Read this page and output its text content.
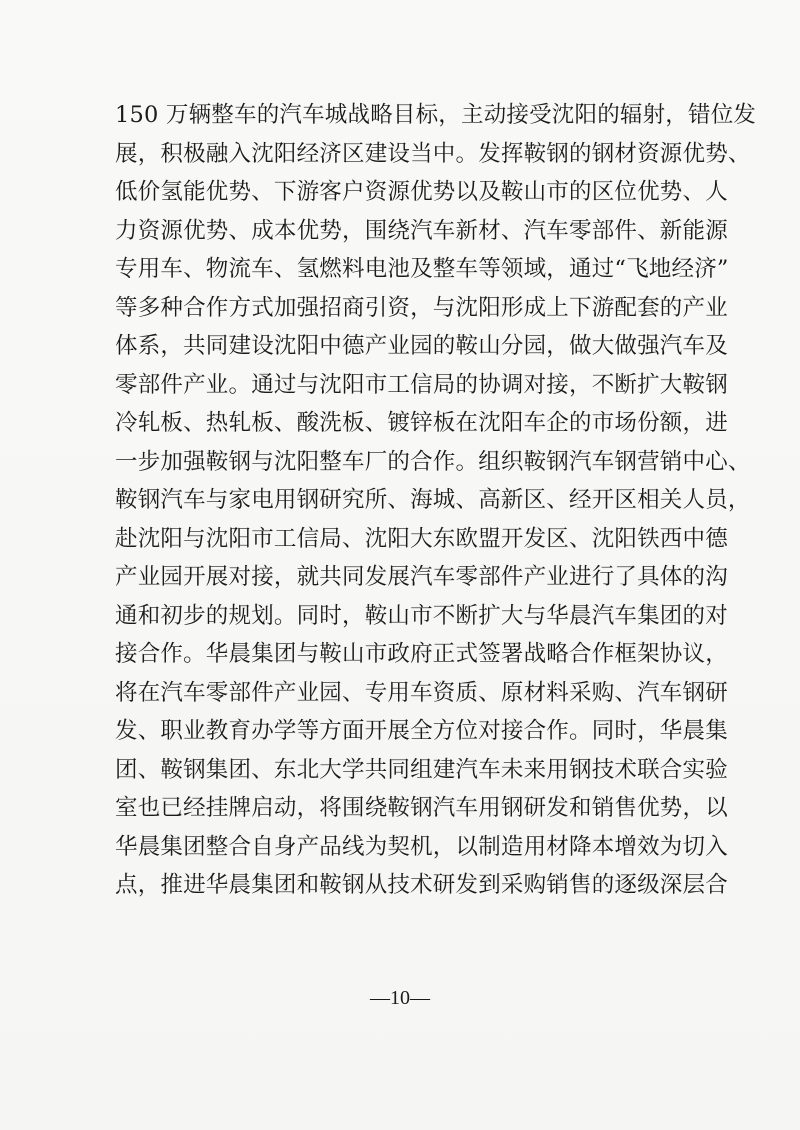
150 万辆整车的汽车城战略目标，主动接受沈阳的辐射，错位发
展，积极融入沈阳经济区建设当中。发挥鞍钢的钢材资源优势、
低价氢能优势、下游客户资源优势以及鞍山市的区位优势、人
力资源优势、成本优势，围绕汽车新材、汽车零部件、新能源
专用车、物流车、氢燃料电池及整车等领域，通过“飞地经济”
等多种合作方式加强招商引资，与沈阳形成上下游配套的产业
体系，共同建设沈阳中德产业园的鞍山分园，做大做强汽车及
零部件产业。通过与沈阳市工信局的协调对接，不断扩大鞍钢
冷轧板、热轧板、酸洗板、镀锌板在沈阳车企的市场份额，进
一步加强鞍钢与沈阳整车厂的合作。组织鞍钢汽车钢营销中心、
鞍钢汽车与家电用钢研究所、海城、高新区、经开区相关人员，
赴沈阳与沈阳市工信局、沈阳大东欧盟开发区、沈阳铁西中德
产业园开展对接，就共同发展汽车零部件产业进行了具体的沟
通和初步的规划。同时，鞍山市不断扩大与华晨汽车集团的对
接合作。华晨集团与鞍山市政府正式签署战略合作框架协议，
将在汽车零部件产业园、专用车资质、原材料采购、汽车钢研
发、职业教育办学等方面开展全方位对接合作。同时，华晨集
团、鞍钢集团、东北大学共同组建汽车未来用钢技术联合实验
室也已经挂牌启动，将围绕鞍钢汽车用钢研发和销售优势，以
华晨集团整合自身产品线为契机，以制造用材降本增效为切入
点，推进华晨集团和鞍钢从技术研发到采购销售的逐级深层合
—10—
